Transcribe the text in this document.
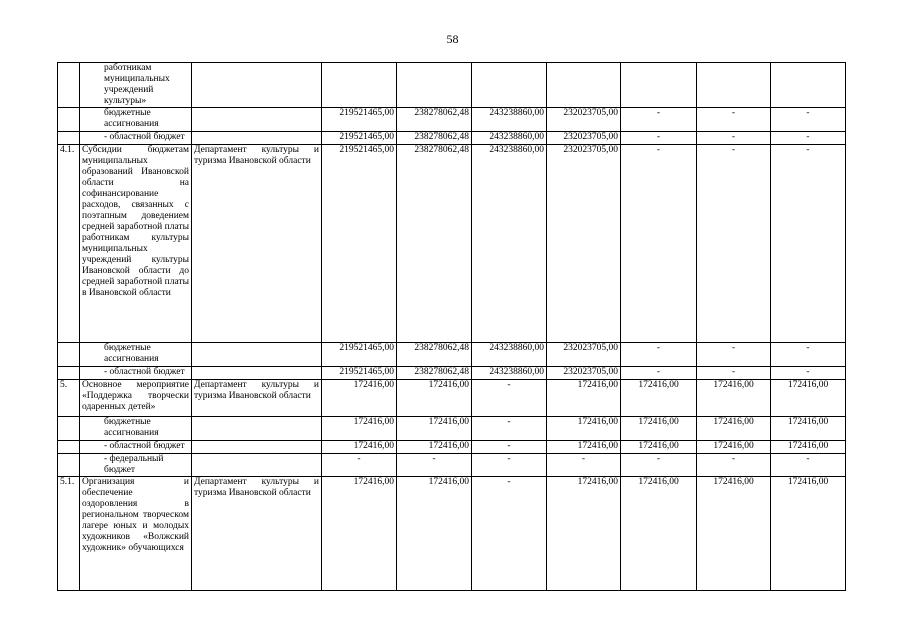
58
	работникам муниципальных учреждений культуры»								
	бюджетные ассигнования		219521465,00	238278062,48	243238860,00	232023705,00	-	-	-
	- областной бюджет		219521465,00	238278062,48	243238860,00	232023705,00	-	-	-
4.1.	Субсидии бюджетам муниципальных образований Ивановской области на софинансирование расходов, связанных с поэтапным доведением средней заработной платы работникам культуры муниципальных учреждений культуры Ивановской области до средней заработной платы в Ивановской области	Департамент культуры и туризма Ивановской области	219521465,00	238278062,48	243238860,00	232023705,00	-	-	-
	бюджетные ассигнования		219521465,00	238278062,48	243238860,00	232023705,00	-	-	-
	- областной бюджет		219521465,00	238278062,48	243238860,00	232023705,00	-	-	-
5.	Основное мероприятие «Поддержка творчески одаренных детей»	Департамент культуры и туризма Ивановской области	172416,00	172416,00	-	172416,00	172416,00	172416,00	172416,00
	бюджетные ассигнования		172416,00	172416,00	-	172416,00	172416,00	172416,00	172416,00
	- областной бюджет		172416,00	172416,00	-	172416,00	172416,00	172416,00	172416,00
	- федеральный бюджет		-	-	-	-	-	-	-
5.1.	Организация и обеспечение оздоровления в региональном творческом лагере юных и молодых художников «Волжский художник» обучающихся	Департамент культуры и туризма Ивановской области	172416,00	172416,00	-	172416,00	172416,00	172416,00	172416,00
